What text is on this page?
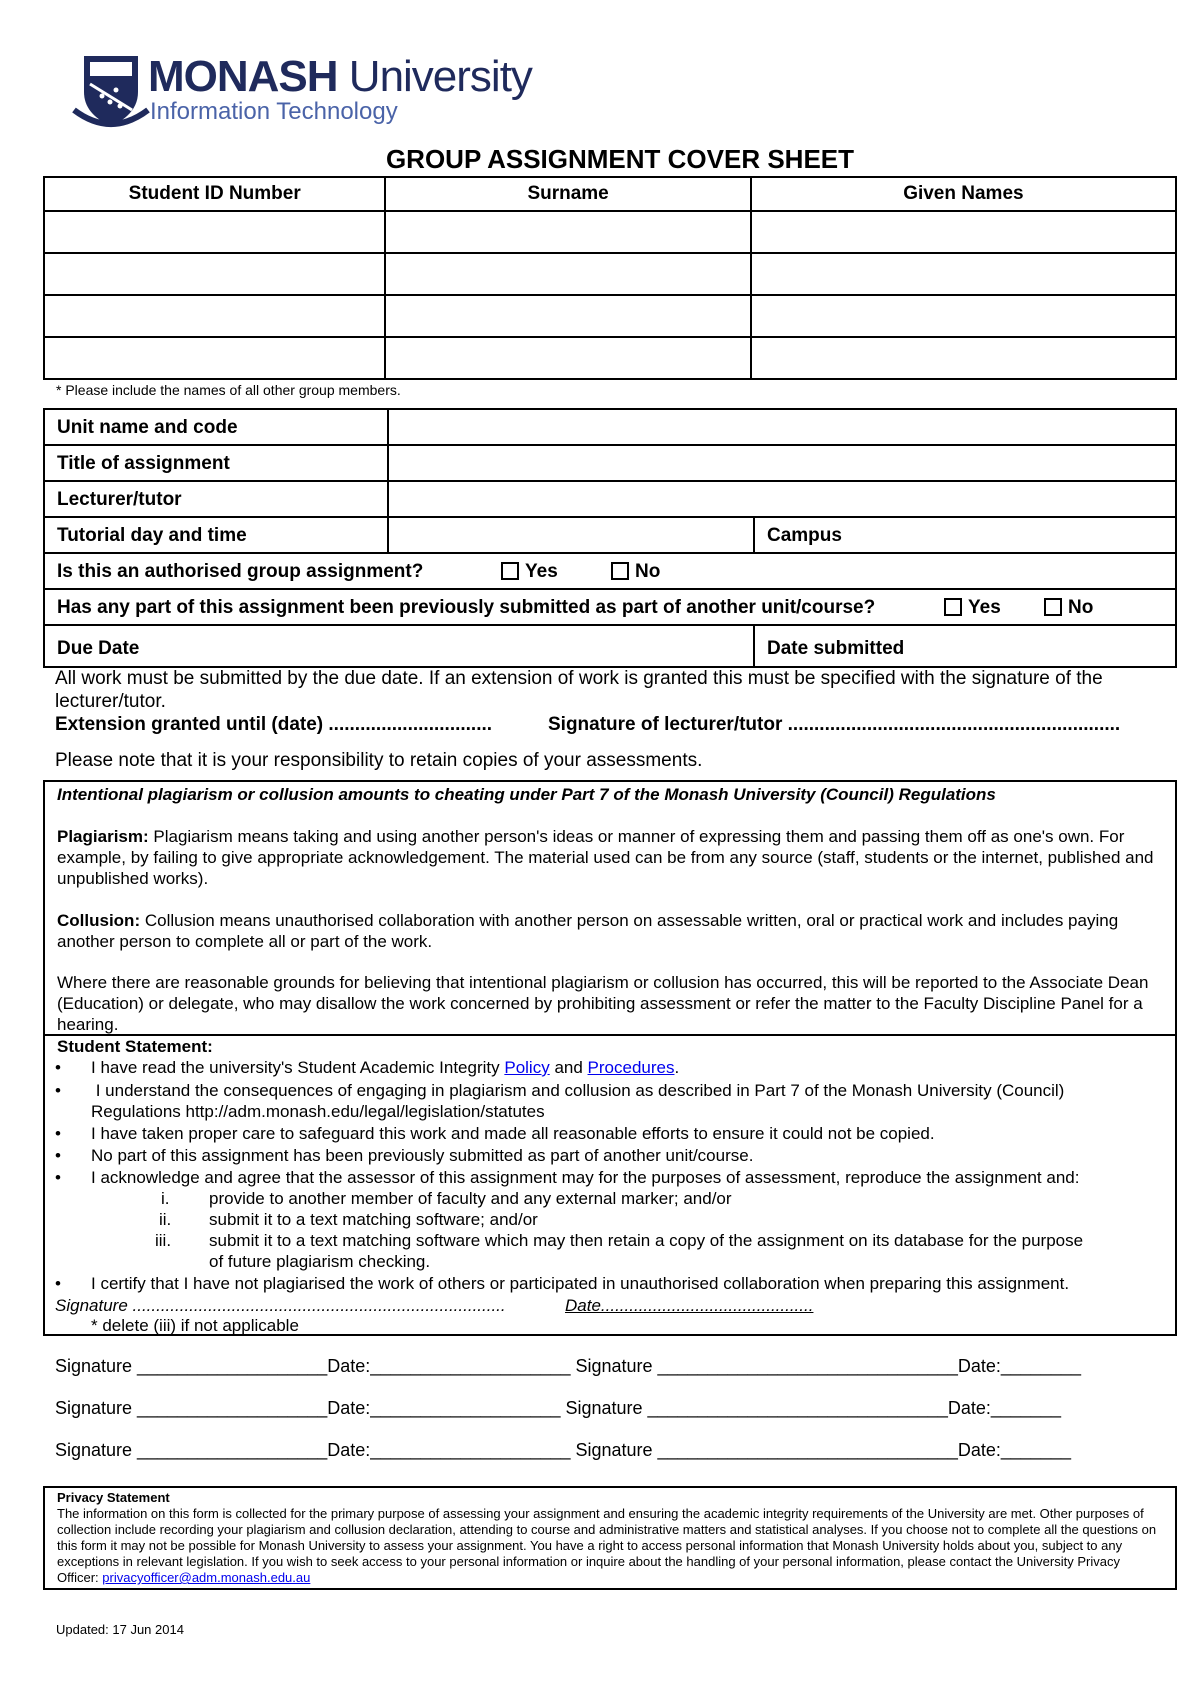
MONASH University
Information Technology
GROUP ASSIGNMENT COVER SHEET
Student ID Number	Surname	Given Names

* Please include the names of all other group members.
Unit name and code
Title of assignment
Lecturer/tutor
Tutorial day and time	Campus
Is this an authorised group assignment?	Yes	No
Has any part of this assignment been previously submitted as part of another unit/course?	Yes	No
Due Date	Date submitted
All work must be submitted by the due date. If an extension of work is granted this must be specified with the signature of the
lecturer/tutor.
Extension granted until (date) ...............................	Signature of lecturer/tutor ...............................................................
Please note that it is your responsibility to retain copies of your assessments.
Intentional plagiarism or collusion amounts to cheating under Part 7 of the Monash University (Council) Regulations
Plagiarism: Plagiarism means taking and using another person's ideas or manner of expressing them and passing them off as one's own. For example, by failing to give appropriate acknowledgement. The material used can be from any source (staff, students or the internet, published and unpublished works).
Collusion: Collusion means unauthorised collaboration with another person on assessable written, oral or practical work and includes paying another person to complete all or part of the work.
Where there are reasonable grounds for believing that intentional plagiarism or collusion has occurred, this will be reported to the Associate Dean (Education) or delegate, who may disallow the work concerned by prohibiting assessment or refer the matter to the Faculty Discipline Panel for a hearing.
Student Statement:
• I have read the university's Student Academic Integrity Policy and Procedures.
• I understand the consequences of engaging in plagiarism and collusion as described in Part 7 of the Monash University (Council)
Regulations http://adm.monash.edu/legal/legislation/statutes
• I have taken proper care to safeguard this work and made all reasonable efforts to ensure it could not be copied.
• No part of this assignment has been previously submitted as part of another unit/course.
• I acknowledge and agree that the assessor of this assignment may for the purposes of assessment, reproduce the assignment and:
i. provide to another member of faculty and any external marker; and/or
ii. submit it to a text matching software; and/or
iii. submit it to a text matching software which may then retain a copy of the assignment on its database for the purpose
of future plagiarism checking.
• I certify that I have not plagiarised the work of others or participated in unauthorised collaboration when preparing this assignment.
Signature ...............................................................................	Date.............................................
* delete (iii) if not applicable
Signature ___________________Date:____________________ Signature ______________________________Date:________
Signature ___________________Date:___________________ Signature ______________________________Date:_______
Signature ___________________Date:____________________ Signature ______________________________Date:_______
Privacy Statement
The information on this form is collected for the primary purpose of assessing your assignment and ensuring the academic integrity requirements of the University are met. Other purposes of collection include recording your plagiarism and collusion declaration, attending to course and administrative matters and statistical analyses. If you choose not to complete all the questions on this form it may not be possible for Monash University to assess your assignment. You have a right to access personal information that Monash University holds about you, subject to any exceptions in relevant legislation. If you wish to seek access to your personal information or inquire about the handling of your personal information, please contact the University Privacy Officer: privacyofficer@adm.monash.edu.au
Updated: 17 Jun 2014
